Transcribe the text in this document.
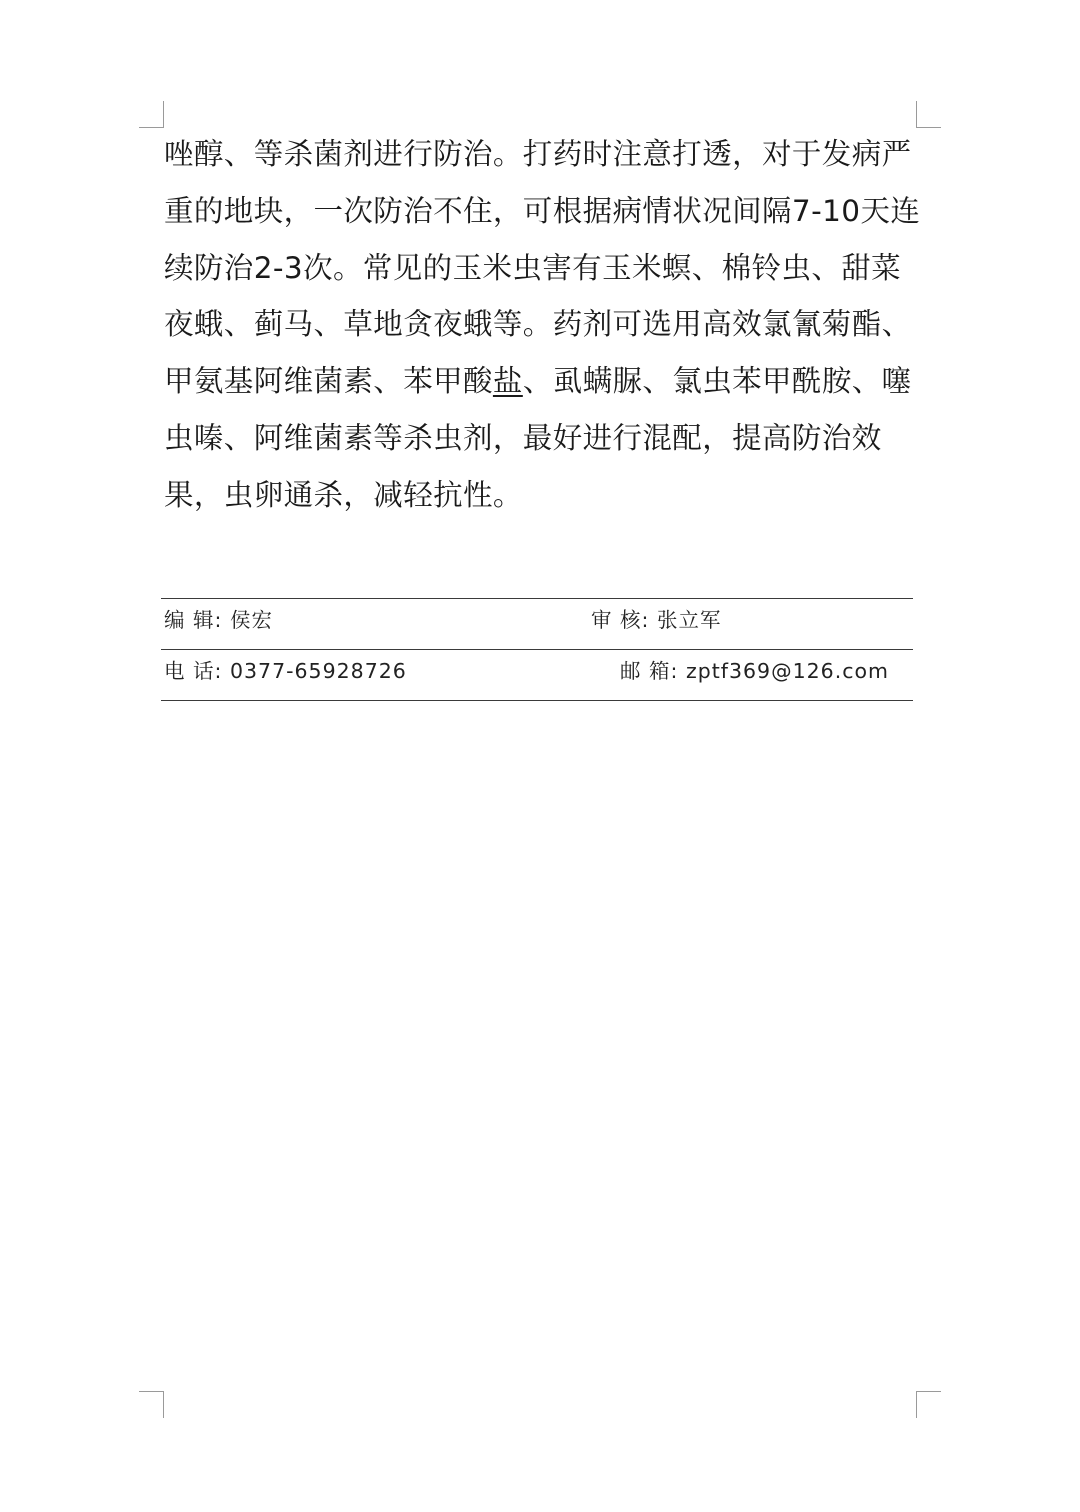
唑醇、等杀菌剂进行防治。打药时注意打透，对于发病严
重的地块，一次防治不住，可根据病情状况间隔7-10天连
续防治2-3次。常见的玉米虫害有玉米螟、棉铃虫、甜菜
夜蛾、蓟马、草地贪夜蛾等。药剂可选用高效氯氰菊酯、
甲氨基阿维菌素、苯甲酸盐、虱螨脲、氯虫苯甲酰胺、噻
虫嗪、阿维菌素等杀虫剂，最好进行混配，提高防治效
果，虫卵通杀，减轻抗性。
编 辑: 侯宏	审 核: 张立军
电 话: 0377-65928726	邮 箱: zptf369@126.com
